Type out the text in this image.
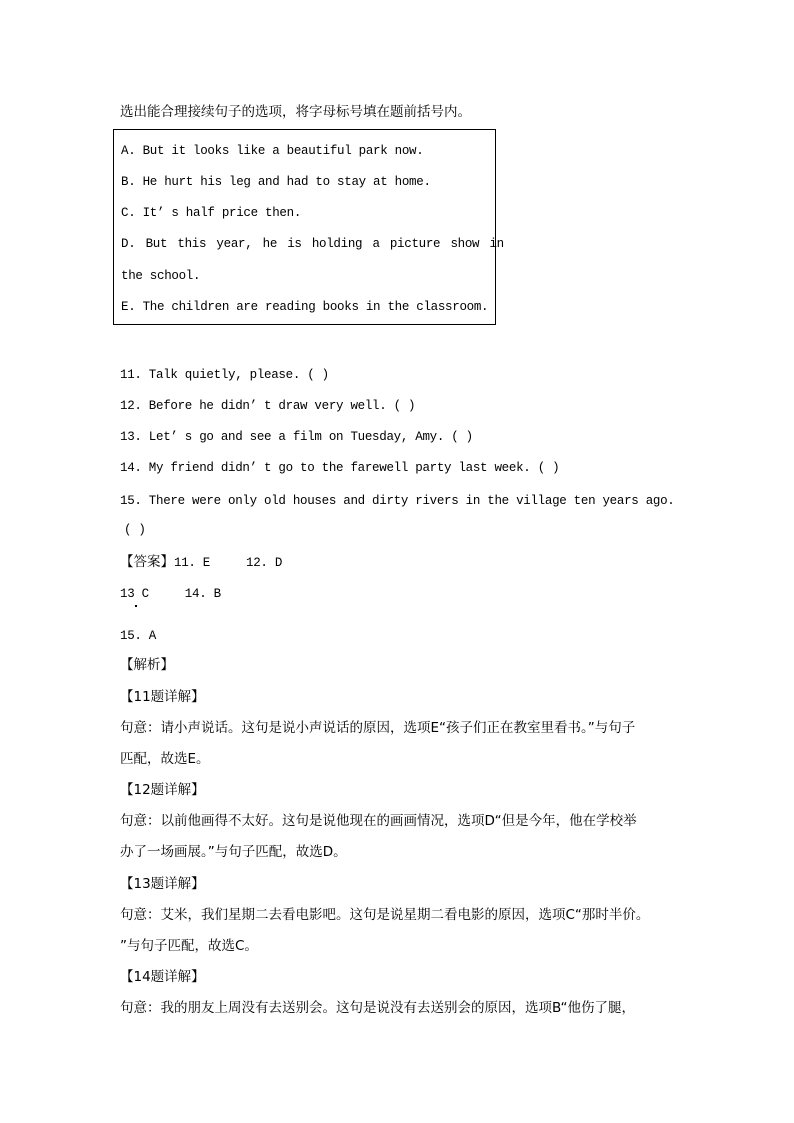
选出能合理接续句子的选项，将字母标号填在题前括号内。
A. But it looks like a beautiful park now.
B. He hurt his leg and had to stay at home.
C. It’ s half price then.
D. But this year, he is holding a picture show in
the school.
E. The children are reading books in the classroom.
11. Talk quietly, please. ( )
12. Before he didn’ t draw very well. ( )
13. Let’ s go and see a film on Tuesday, Amy. ( )
14. My friend didn’ t go to the farewell party last week. ( )
15. There were only old houses and dirty rivers in the village ten years ago.
( )
【答案】11. E     12. D
13 C     14. B
15. A
【解析】
【11题详解】
句意：请小声说话。这句是说小声说话的原因，选项E“孩子们正在教室里看书。”与句子
匹配，故选E。
【12题详解】
句意：以前他画得不太好。这句是说他现在的画画情况，选项D“但是今年，他在学校举
办了一场画展。”与句子匹配，故选D。
【13题详解】
句意：艾米，我们星期二去看电影吧。这句是说星期二看电影的原因，选项C“那时半价。
”与句子匹配，故选C。
【14题详解】
句意：我的朋友上周没有去送别会。这句是说没有去送别会的原因，选项B“他伤了腿，
